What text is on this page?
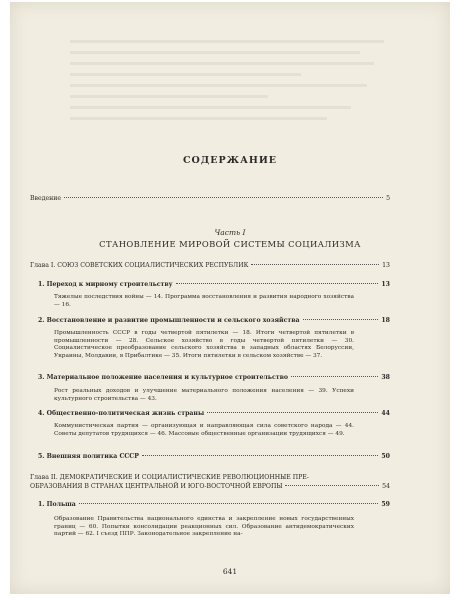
СОДЕРЖАНИЕ
Введение	5
Часть I
СТАНОВЛЕНИЕ МИРОВОЙ СИСТЕМЫ СОЦИАЛИЗМА
Глава I. СОЮЗ СОВЕТСКИХ СОЦИАЛИСТИЧЕСКИХ РЕСПУБЛИК	13
1. Переход к мирному строительству	13
Тяжелые последствия войны — 14. Программа восстановления и развития народного хозяйства — 16.
2. Восстановление и развитие промышленности и сельского хозяйства	18
Промышленность СССР в годы четвертой пятилетки — 18. Итоги четвертой пятилетки в промышленности — 28. Сельское хозяйство в годы четвертой пятилетки — 30. Социалистическое преобразование сельского хозяйства в западных областях Белоруссии, Украины, Молдавии, в Прибалтике — 35. Итоги пятилетки в сельском хозяйстве — 37.
3. Материальное положение населения и культурное строительство	38
Рост реальных доходов и улучшение материального положения населения — 39. Успехи культурного строительства — 43.
4. Общественно-политическая жизнь страны	44
Коммунистическая партия — организующая и направляющая сила советского народа — 44. Советы депутатов трудящихся — 46. Массовые общественные организации трудящихся — 49.
5. Внешняя политика СССР	50
Глава II. ДЕМОКРАТИЧЕСКИЕ И СОЦИАЛИСТИЧЕСКИЕ РЕВОЛЮЦИОННЫЕ ПРЕ-
ОБРАЗОВАНИЯ В СТРАНАХ ЦЕНТРАЛЬНОЙ И ЮГО-ВОСТОЧНОЙ ЕВРОПЫ	54
1. Польша	59
Образование Правительства национального единства и закрепление новых государственных границ — 60. Попытки консолидации реакционных сил. Образование антидемократических партий — 62. I съезд ППР. Законодательное закрепление на-
641
